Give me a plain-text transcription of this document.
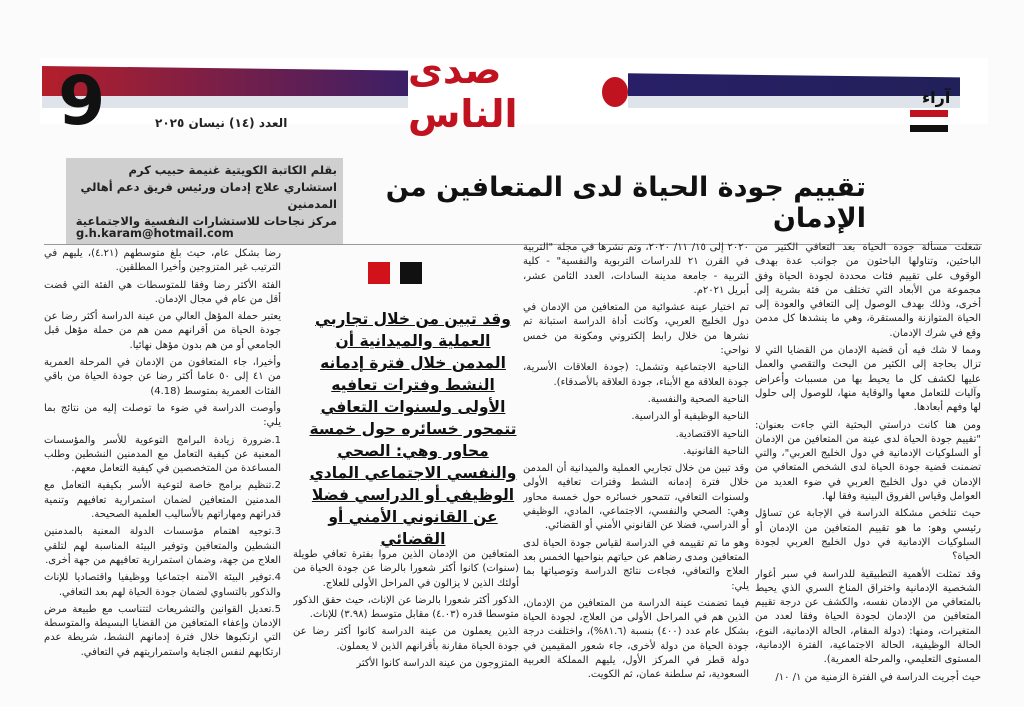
9	العدد (١٤) نيسان ٢٠٢٥
صدى الناس	آراء
بقلم الكاتبة الكويتية غنيمة حبيب كرم
استشاري علاج إدمان ورئيس فريق دعم أهالي المدمنين
مركز نجاحات للاستشارات النفسية والاجتماعية
g.h.karam@hotmail.com
تقييم جودة الحياة لدى المتعافين من الإدمان
وقد تبين من خلال تجاربي العملية والميدانية أن المدمن خلال فترة إدمانه النشط وفترات تعافيه الأولى ولسنوات التعافي تتمحور خسائره حول خمسة محاور وهي: الصحي والنفسي الاجتماعي المادي الوظيفي أو الدراسي فضلا عن القانوني الأمني أو القضائي

شغلت مسألة جودة الحياة بعد التعافي الكثير من الباحثين، وتناولها الباحثون من جوانب عدة بهدف الوقوف على تقييم فئات محددة لجودة الحياة وفق مجموعة من الأبعاد التي تختلف من فئة بشرية إلى أخرى، وذلك بهدف الوصول إلى التعافي والعودة إلى الحياة المتوازنة والمستقرة، وهي ما ينشدها كل مدمن وقع في شرك الإدمان.

ومما لا شك فيه أن قضية الإدمان من القضايا التي لا تزال بحاجة إلى الكثير من البحث والتقصي والعمل عليها لكشف كل ما يحيط بها من مسببات وأعراض وآليات للتعامل معها والوقاية منها، للوصول إلى حلول لها وفهم أبعادها.

ومن هنا كانت دراستي البحثية التي جاءت بعنوان: "تقييم جودة الحياة لدى عينة من المتعافين من الإدمان أو السلوكيات الإدمانية في دول الخليج العربي"، والتي تضمنت قضية جودة الحياة لدى الشخص المتعافي من الإدمان في دول الخليج العربي في ضوء العديد من العوامل وقياس الفروق البينية وفقا لها.

حيث تتلخص مشكلة الدراسة في الإجابة عن تساؤل رئيسي وهو: ما هو تقييم المتعافين من الإدمان أو السلوكيات الإدمانية في دول الخليج العربي لجودة الحياة؟

وقد تمثلت الأهمية التطبيقية للدراسة في سبر أغوار الشخصية الإدمانية واختراق المناخ السري الذي يحيط بالمتعافي من الإدمان نفسه، والكشف عن درجة تقييم المتعافين من الإدمان لجودة الحياة وفقا لعدد من المتغيرات، ومنها: (دولة المقام، الحالة الإدمانية، النوع، الحالة الوظيفية، الحالة الاجتماعية، الفترة الإدمانية، المستوى التعليمي، والمرحلة العمرية).

حيث أجريت الدراسة في الفترة الزمنية من ١/ ١٠/

٢٠٢٠ إلى ١٥/ ١١/ ٢٠٢٠، وتم نشرها في مجلة "التربية في القرن ٢١ للدراسات التربوية والنفسية" - كلية التربية - جامعة مدينة السادات، العدد الثامن عشر، أبريل ٢٠٢١م.

تم اختيار عينة عشوائية من المتعافين من الإدمان في دول الخليج العربي، وكانت أداة الدراسة استبانة تم نشرها من خلال رابط إلكتروني ومكونة من خمس نواحي:

الناحية الاجتماعية وتشمل: (جودة العلاقات الأسرية، جودة العلاقة مع الأبناء، جودة العلاقة بالأصدقاء).

الناحية الصحية والنفسية.

الناحية الوظيفية أو الدراسية.

الناحية الاقتصادية.

الناحية القانونية.

وقد تبين من خلال تجاربي العملية والميدانية أن المدمن خلال فترة إدمانه النشط وفترات تعافيه الأولى ولسنوات التعافي، تتمحور خسائره حول خمسة محاور وهي: الصحي والنفسي، الاجتماعي، المادي، الوظيفي أو الدراسي، فضلا عن القانوني الأمني أو القضائي.

وهو ما تم تقييمه في الدراسة لقياس جودة الحياة لدى المتعافين ومدى رضاهم عن حياتهم بنواحيها الخمس بعد العلاج والتعافي، فجاءت نتائج الدراسة وتوصياتها بما يلي:

فيما تضمنت عينة الدراسة من المتعافين من الإدمان، الذين هم في المراحل الأولى من العلاج، لجودة الحياة بشكل عام عدد (٤٠٠) بنسبة (٨١.٦%)، واختلفت درجة جودة الحياة من دولة لأخرى، جاء شعور المقيمين في دولة قطر في المركز الأول، يليهم المملكة العربية السعودية، ثم سلطنة عمان، ثم الكويت.

المتعافين من الإدمان الذين مروا بفترة تعافي طويلة (سنوات) كانوا أكثر شعورا بالرضا عن جودة الحياة من أولئك الذين لا يزالون في المراحل الأولى للعلاج.

الذكور أكثر شعورا بالرضا عن الإناث، حيث حقق الذكور متوسطا قدره (٤.٠٣) مقابل متوسط (٣.٩٨) للإناث.

الذين يعملون من عينة الدراسة كانوا أكثر رضا عن جودة الحياة مقارنة بأقرانهم الذين لا يعملون.

المتزوجون من عينة الدراسة كانوا الأكثر

رضا بشكل عام، حيث بلغ متوسطهم (٤.٢١)، يليهم في الترتيب غير المتزوجين وأخيرا المطلقين.

الفئة الأكثر رضا وفقا للمتوسطات هي الفئة التي قضت أقل من عام في مجال الإدمان.

يعتبر حملة المؤهل العالي من عينة الدراسة أكثر رضا عن جودة الحياة من أقرانهم ممن هم من حملة مؤهل قبل الجامعي أو من هم بدون مؤهل نهائيا.

وأخيرا، جاء المتعافون من الإدمان في المرحلة العمرية من ٤١ إلى ٥٠ عاما أكثر رضا عن جودة الحياة من باقي الفئات العمرية بمتوسط (4.18)

وأوصت الدراسة في ضوء ما توصلت إليه من نتائج بما يلي:

1.ضرورة زيادة البرامج التوعوية للأسر والمؤسسات المعنية عن كيفية التعامل مع المدمنين النشطين وطلب المساعدة من المتخصصين في كيفية التعامل معهم.

2.تنظيم برامج خاصة لتوعية الأسر بكيفية التعامل مع المدمنين المتعافين لضمان استمرارية تعافيهم وتنمية قدراتهم ومهاراتهم بالأساليب العلمية الصحيحة.

3.توجيه اهتمام مؤسسات الدولة المعنية بالمدمنين النشطين والمتعافين وتوفير البيئة المناسبة لهم لتلقي العلاج من جهة، وضمان استمرارية تعافيهم من جهة أخرى.

4.توفير البيئة الآمنة اجتماعيا ووظيفيا واقتصاديا للإناث والذكور بالتساوي لضمان جودة الحياة لهم بعد التعافي.

5.تعديل القوانين والتشريعات لتتناسب مع طبيعة مرض الإدمان وإعفاء المتعافين من القضايا البسيطة والمتوسطة التي ارتكبوها خلال فترة إدمانهم النشط، شريطة عدم ارتكابهم لنفس الجناية واستمراريتهم في التعافي.
